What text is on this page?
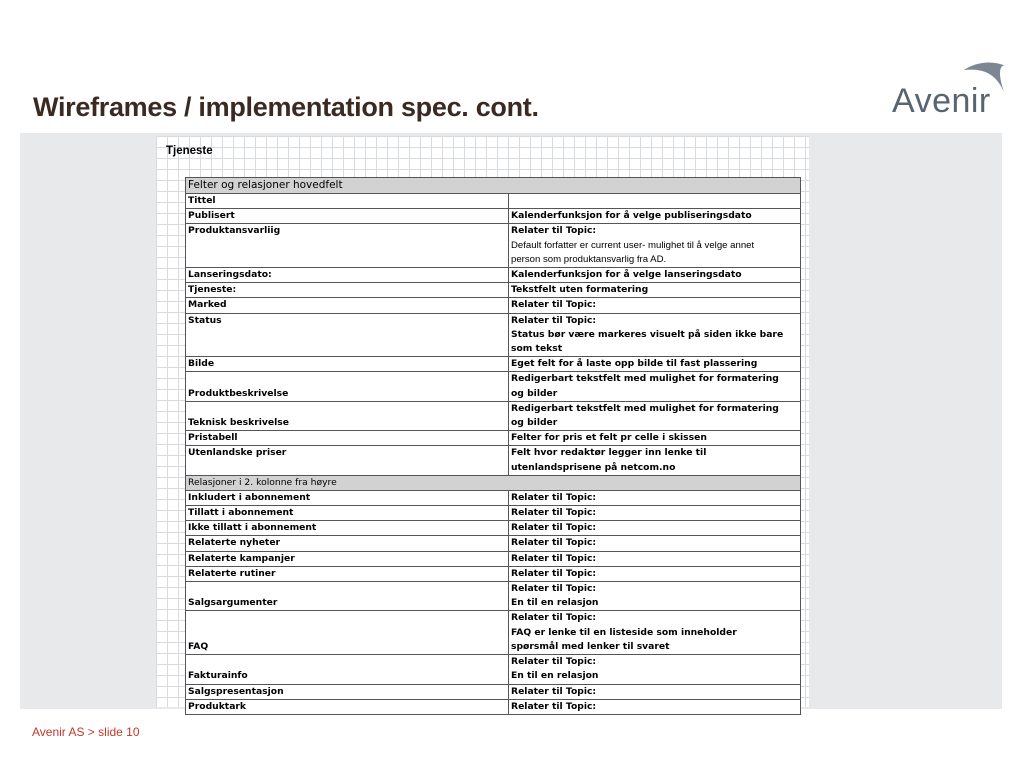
Wireframes / implementation spec. cont.	Avenir
Tjeneste
Felter og relasjoner hovedfelt	
Tittel	

Publisert	Kalenderfunksjon for å velge publiseringsdato

Produktansvarliig	Relater til Topic:
Default forfatter er current user- mulighet til å velge annet
person som produktansvarlig fra AD.

Lanseringsdato:	Kalenderfunksjon for å velge lanseringsdato

Tjeneste:	Tekstfelt uten formatering

Marked	Relater til Topic:

Status	Relater til Topic:
Status bør være markeres visuelt på siden ikke bare
som tekst

Bilde	Eget felt for å laste opp bilde til fast plassering

Produktbeskrivelse	Redigerbart tekstfelt med mulighet for formatering
og bilder

Teknisk beskrivelse	Redigerbart tekstfelt med mulighet for formatering
og bilder

Pristabell	Felter for pris et felt pr celle i skissen

Utenlandske priser	Felt hvor redaktør legger inn lenke til
utenlandsprisene på netcom.no

Relasjoner i 2. kolonne fra høyre	
Inkludert i abonnement	Relater til Topic:

Tillatt i abonnement	Relater til Topic:

Ikke tillatt i abonnement	Relater til Topic:

Relaterte nyheter	Relater til Topic:

Relaterte kampanjer	Relater til Topic:

Relaterte rutiner	Relater til Topic:

Salgsargumenter	Relater til Topic:
En til en relasjon

FAQ	Relater til Topic:
FAQ er lenke til en listeside som inneholder
spørsmål med lenker til svaret

Fakturainfo	Relater til Topic:
En til en relasjon

Salgspresentasjon	Relater til Topic:

Produktark	Relater til Topic:
Avenir AS > slide 10
